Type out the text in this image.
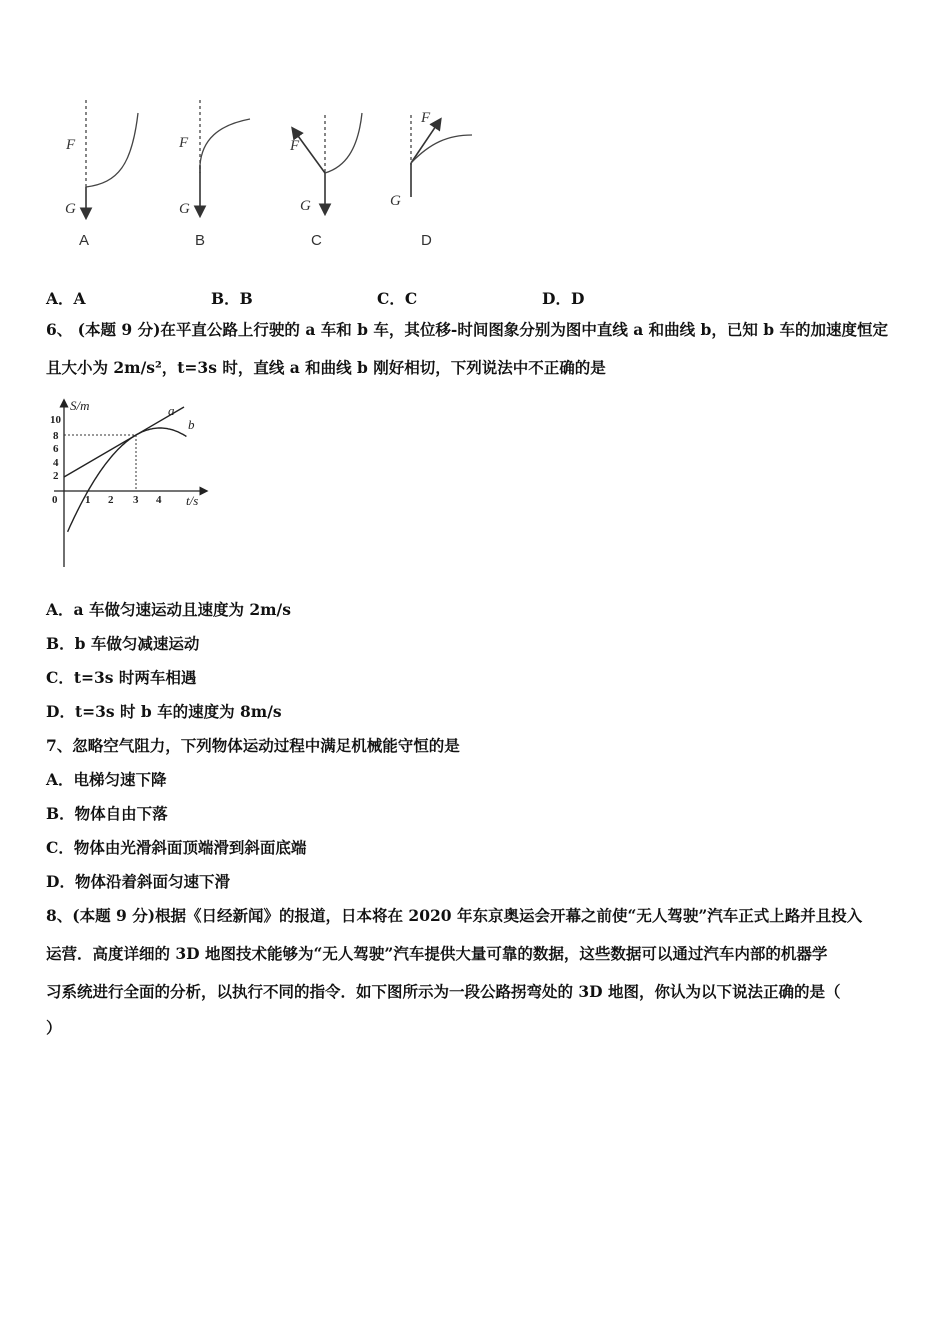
F
G
A
F
G
B
F
G
C
F
G
D
A．A	B．B	C．C	D．D
6、 (本题 9 分)在平直公路上行驶的 a 车和 b 车，其位移-时间图象分别为图中直线 a 和曲线 b，已知 b 车的加速度恒定
且大小为 2m/s²，t=3s 时，直线 a 和曲线 b 刚好相切，下列说法中不正确的是
10
8
6
4
2
0	1 2 3 4
S/m
t/s
a
b
A．a 车做匀速运动且速度为 2m/s
B．b 车做匀减速运动
C．t=3s 时两车相遇
D．t=3s 时 b 车的速度为 8m/s
7、忽略空气阻力，下列物体运动过程中满足机械能守恒的是
A．电梯匀速下降
B．物体自由下落
C．物体由光滑斜面顶端滑到斜面底端
D．物体沿着斜面匀速下滑
8、(本题 9 分)根据《日经新闻》的报道，日本将在 2020 年东京奥运会开幕之前使“无人驾驶”汽车正式上路并且投入
运营．高度详细的 3D 地图技术能够为“无人驾驶”汽车提供大量可靠的数据，这些数据可以通过汽车内部的机器学
习系统进行全面的分析，以执行不同的指令．如下图所示为一段公路拐弯处的 3D 地图，你认为以下说法正确的是（
）
